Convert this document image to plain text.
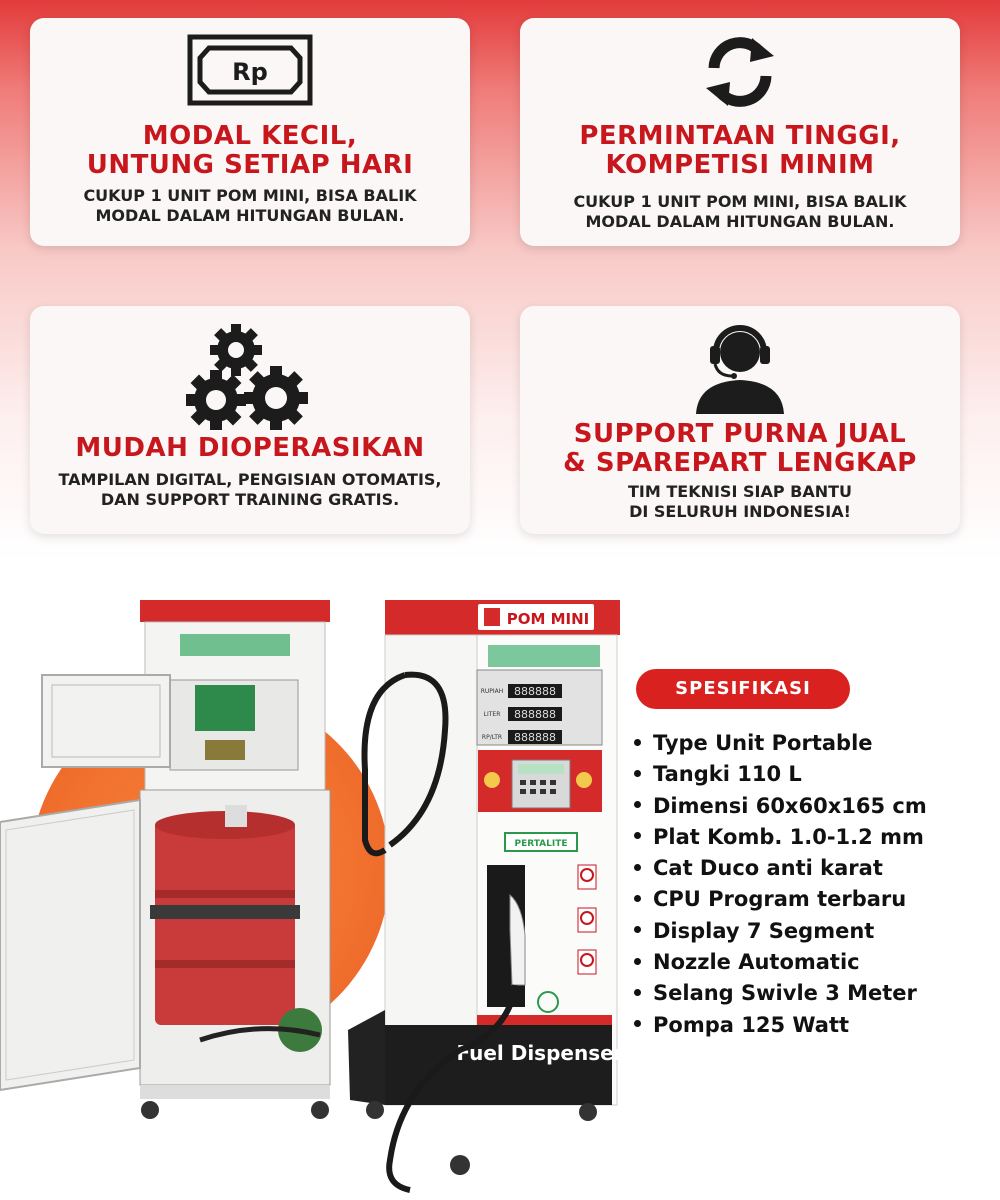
Rp
MODAL KECIL,
UNTUNG SETIAP HARI

CUKUP 1 UNIT POM MINI, BISA BALIK
MODAL DALAM HITUNGAN BULAN.

PERMINTAAN TINGGI,
KOMPETISI MINIM

CUKUP 1 UNIT POM MINI, BISA BALIK
MODAL DALAM HITUNGAN BULAN.

MUDAH DIOPERASIKAN

TAMPILAN DIGITAL, PENGISIAN OTOMATIS,
DAN SUPPORT TRAINING GRATIS.

SUPPORT PURNA JUAL
& SPAREPART LENGKAP

TIM TEKNISI SIAP BANTU
DI SELURUH INDONESIA!

POM MINI
RUPIAH
LITER
RP/LTR
888888
888888
888888
PERTALITE
Fuel Dispenser
SPESIFIKASI
Type Unit Portable
Tangki 110 L
Dimensi 60x60x165 cm
Plat Komb. 1.0-1.2 mm
Cat Duco anti karat
CPU Program terbaru
Display 7 Segment
Nozzle Automatic
Selang Swivle 3 Meter
Pompa 125 Watt
